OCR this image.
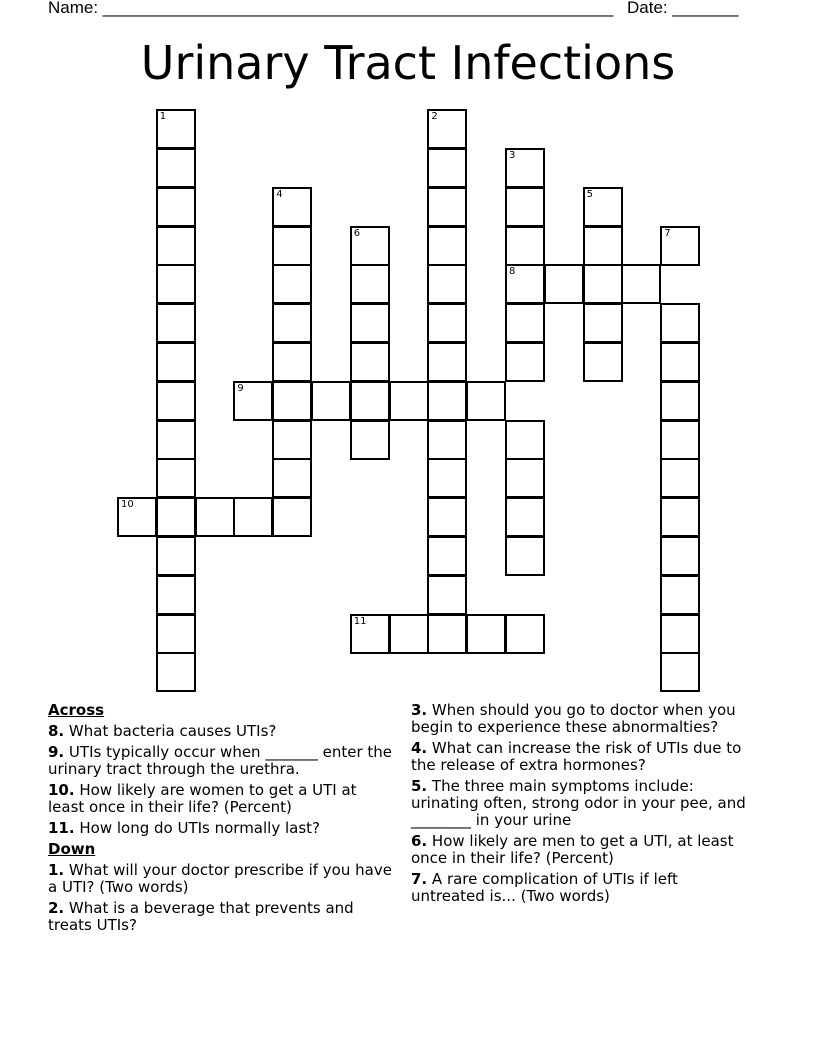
Name: ______________________________________________________ Date: _______
Urinary Tract Infections
1
10
4
9
6
2
11
3
8
5
7
Across
8. What bacteria causes UTIs?
9. UTIs typically occur when _______ enter the urinary tract through the urethra.
10. How likely are women to get a UTI at least once in their life? (Percent)
11. How long do UTIs normally last?
Down
1. What will your doctor prescribe if you have a UTI? (Two words)
2. What is a beverage that prevents and treats UTIs?
3. When should you go to doctor when you begin to experience these abnormalties?
4. What can increase the risk of UTIs due to the release of extra hormones?
5. The three main symptoms include: urinating often, strong odor in your pee, and ________ in your urine
6. How likely are men to get a UTI, at least once in their life? (Percent)
7. A rare complication of UTIs if left untreated is... (Two words)
